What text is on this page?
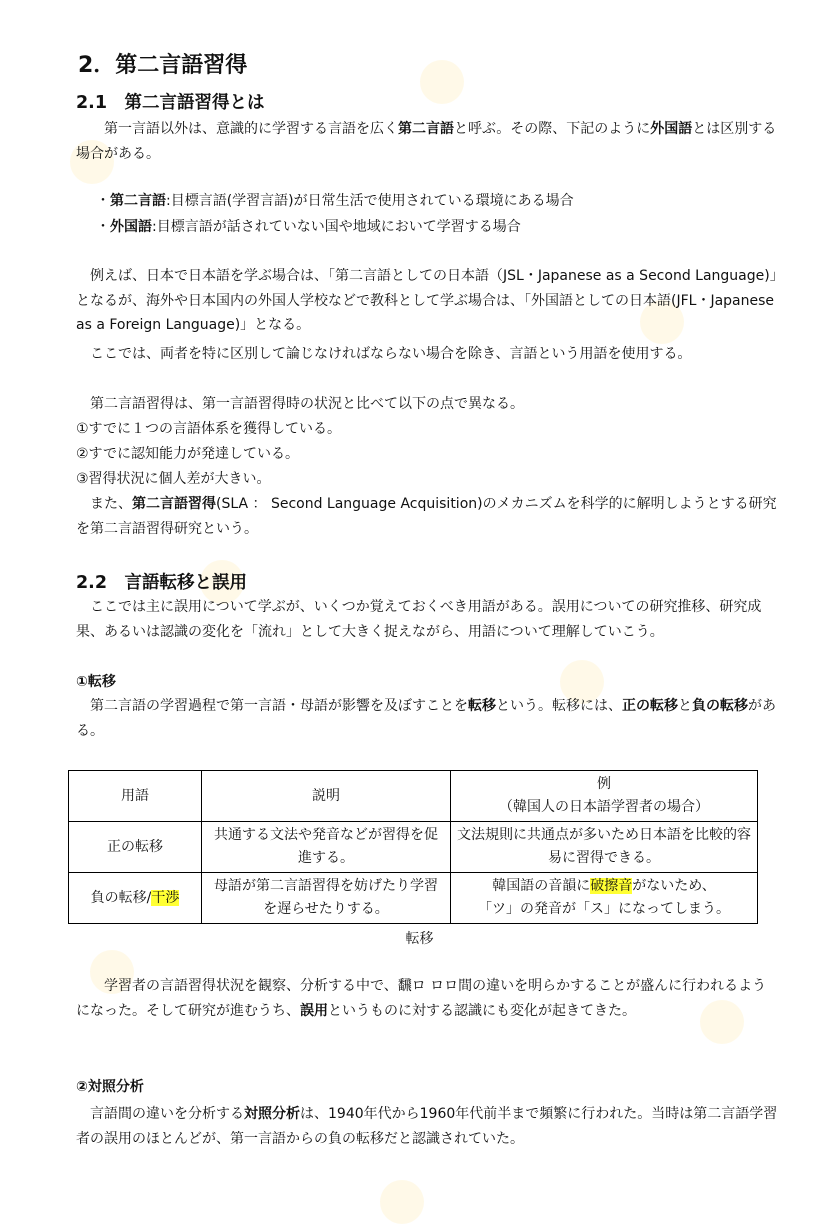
2．第二言語習得
2.1　第二言語習得とは

第一言語以外は、意識的に学習する言語を広く第二言語と呼ぶ。その際、下記のように外国語とは区別する場合がある。

・第二言語:目標言語(学習言語)が日常生活で使用されている環境にある場合

・外国語:目標言語が話されていない国や地域において学習する場合

例えば、日本で日本語を学ぶ場合は、「第二言語としての日本語（JSL・Japanese as a Second Language)」となるが、海外や日本国内の外国人学校などで教科として学ぶ場合は、「外国語としての日本語(JFL・Japanese as a Foreign Language)」となる。

ここでは、両者を特に区別して論じなければならない場合を除き、言語という用語を使用する。

第二言語習得は、第一言語習得時の状況と比べて以下の点で異なる。

①すでに１つの言語体系を獲得している。

②すでに認知能力が発達している。

③習得状況に個人差が大きい。

また、第二言語習得(SLA ： Second Language Acquisition)のメカニズムを科学的に解明しようとする研究を第二言語習得研究という。

2.2　言語転移と誤用

ここでは主に誤用について学ぶが、いくつか覚えておくべき用語がある。誤用についての研究推移、研究成果、あるいは認識の変化を「流れ」として大きく捉えながら、用語について理解していこう。

①転移

第二言語の学習過程で第一言語・母語が影響を及ぼすことを転移という。転移には、正の転移と負の転移がある。

用語	説明	例
（韓国人の日本語学習者の場合）

正の転移	共通する文法や発音などが習得を促進する。	文法規則に共通点が多いため日本語を比較的容易に習得できる。
負の転移/干渉	母語が第二言語習得を妨げたり学習を遅らせたりする。	韓国語の音韻に破擦音がないため、
「ツ」の発音が「ス」になってしまう。

転移

学習者の言語習得状況を観察、分析する中で、飜ロ ロロ間の違いを明らかすることが盛んに行われるようになった。そして研究が進むうち、誤用というものに対する認識にも変化が起きてきた。

②対照分析

言語間の違いを分析する対照分析は、1940年代から1960年代前半まで頻繁に行われた。当時は第二言語学習者の誤用のほとんどが、第一言語からの負の転移だと認識されていた。
